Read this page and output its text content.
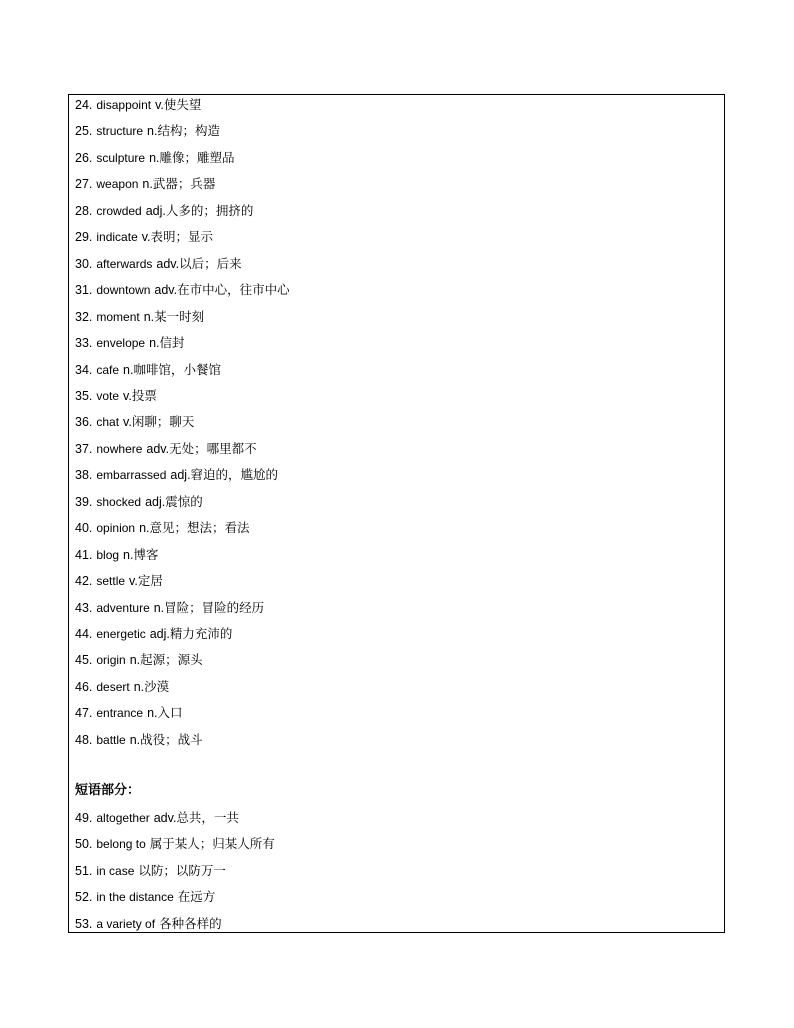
24. disappoint v.使失望
25. structure n.结构；构造
26. sculpture n.雕像；雕塑品
27. weapon n.武器；兵器
28. crowded adj.人多的；拥挤的
29. indicate v.表明；显示
30. afterwards adv.以后；后来
31. downtown adv.在市中心，往市中心
32. moment n.某一时刻
33. envelope n.信封
34. cafe n.咖啡馆，小餐馆
35. vote v.投票
36. chat v.闲聊；聊天
37. nowhere adv.无处；哪里都不
38. embarrassed adj.窘迫的，尴尬的
39. shocked adj.震惊的
40. opinion n.意见；想法；看法
41. blog n.博客
42. settle v.定居
43. adventure n.冒险；冒险的经历
44. energetic adj.精力充沛的
45. origin n.起源；源头
46. desert n.沙漠
47. entrance n.入口
48. battle n.战役；战斗
短语部分：
49. altogether adv.总共，一共
50. belong to 属于某人；归某人所有
51. in case 以防；以防万一
52. in the distance 在远方
53. a variety of 各种各样的
